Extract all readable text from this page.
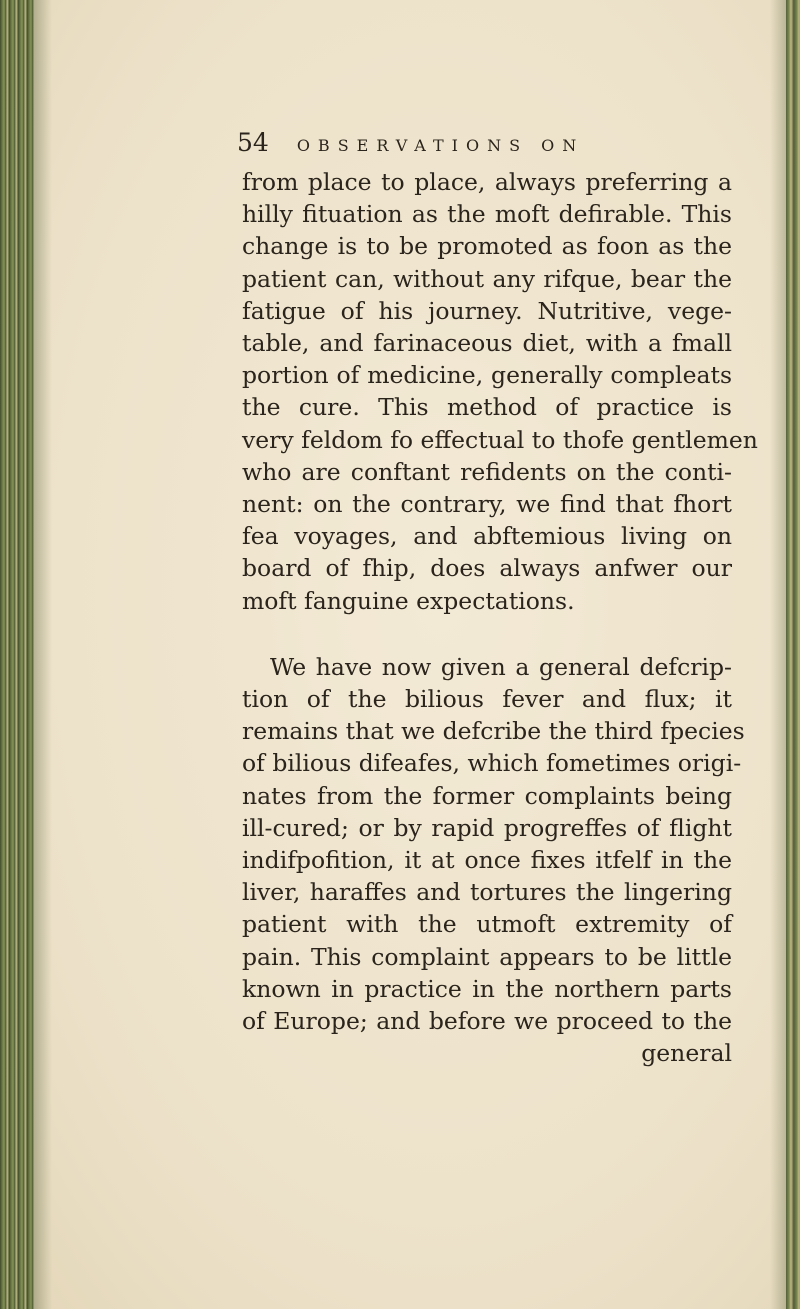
54 OBSERVATIONS ON
from place to place, always preferring a
hilly fituation as the moft defirable. This
change is to be promoted as foon as the
patient can, without any rifque, bear the
fatigue of his journey. Nutritive, vege-
table, and farinaceous diet, with a fmall
portion of medicine, generally compleats
the cure. This method of practice is
very feldom fo effectual to thofe gentlemen
who are conftant refidents on the conti-
nent: on the contrary, we find that fhort
fea voyages, and abftemious living on
board of fhip, does always anfwer our
moft fanguine expectations.
We have now given a general defcrip-
tion of the bilious fever and flux; it
remains that we defcribe the third fpecies
of bilious difeafes, which fometimes origi-
nates from the former complaints being
ill-cured; or by rapid progreffes of flight
indifpofition, it at once fixes itfelf in the
liver, haraffes and tortures the lingering
patient with the utmoft extremity of
pain. This complaint appears to be little
known in practice in the northern parts
of Europe; and before we proceed to the
general
